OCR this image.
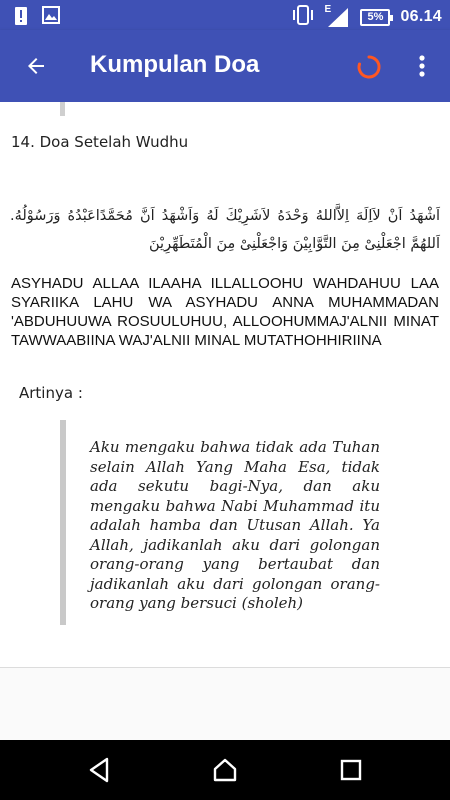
E
5% 06.14
Kumpulan Doa
14. Doa Setelah Wudhu
اَشْهَدُ اَنْ لاَاِلَهَ اِلاَّاللهُ وَحْدَهُ لاَشَرِيْكَ لَهُ وَاَشْهَدُ اَنَّ مُحَمَّدًاعَبْدُهُ وَرَسُوْلُهُ. اَللهُمَّ اجْعَلْنِىْ مِنَ التَّوَّابِيْنَ وَاجْعَلْنِىْ مِنَ الْمُتَطَهِّرِيْنَ
ASYHADU ALLAA ILAAHA ILLALLOOHU WAHDAHUU LAA SYARIIKA LAHU WA ASYHADU ANNA MUHAMMADAN 'ABDUHUUWA ROSUULUHUU, ALLOOHUMMAJ'ALNII MINAT TAWWAABIINA WAJ'ALNII MINAL MUTATHOHHIRIINA
Artinya :
Aku mengaku bahwa tidak ada Tuhan selain Allah Yang Maha Esa, tidak ada sekutu bagi-Nya, dan aku mengaku bahwa Nabi Muhammad itu adalah hamba dan Utusan Allah. Ya Allah, jadikanlah aku dari golongan orang-orang yang bertaubat dan jadikanlah aku dari golongan orang-orang yang bersuci (sholeh)
